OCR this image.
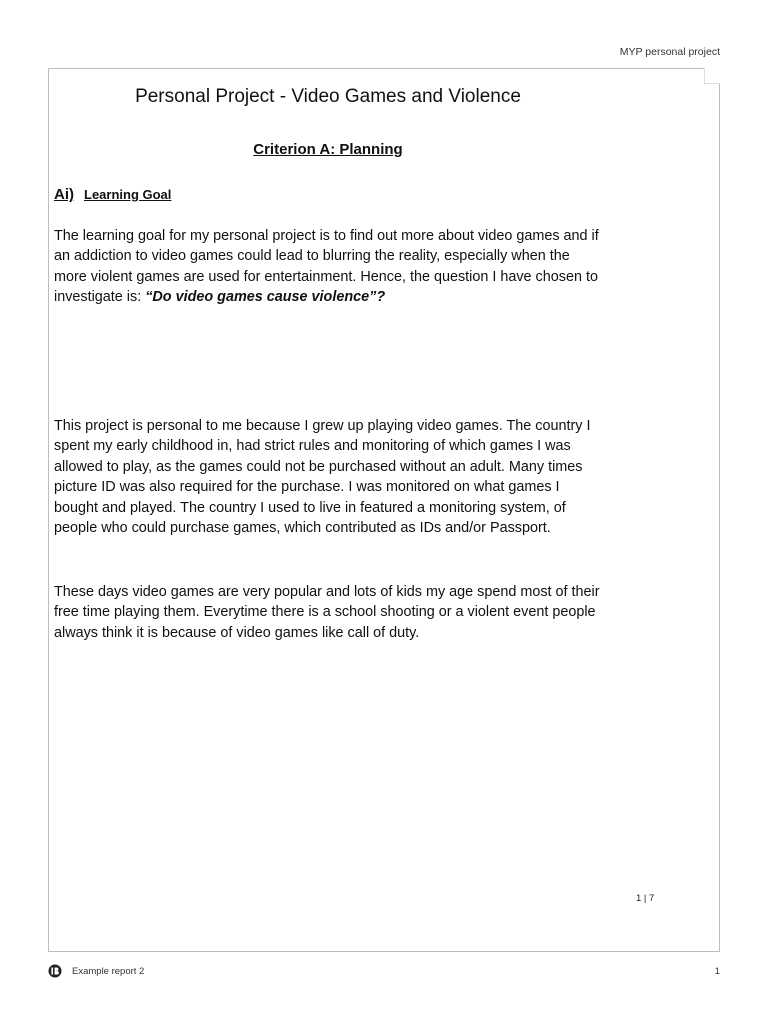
MYP personal project
Personal Project - Video Games and Violence
Criterion A: Planning
Ai) Learning Goal

The learning goal for my personal project is to find out more about video games and if an addiction to video games could lead to blurring the reality, especially when the more violent games are used for entertainment. Hence, the question I have chosen to investigate is: “Do video games cause violence”?

This project is personal to me because I grew up playing video games. The country I spent my early childhood in, had strict rules and monitoring of which games I was allowed to play, as the games could not be purchased without an adult. Many times picture ID was also required for the purchase. I was monitored on what games I bought and played. The country I used to live in featured a monitoring system, of people who could purchase games, which contributed as IDs and/or Passport.

These days video games are very popular and lots of kids my age spend most of their free time playing them. Everytime there is a school shooting or a violent event people always think it is because of video games like call of duty.

1 | 7
Example report 2	1
